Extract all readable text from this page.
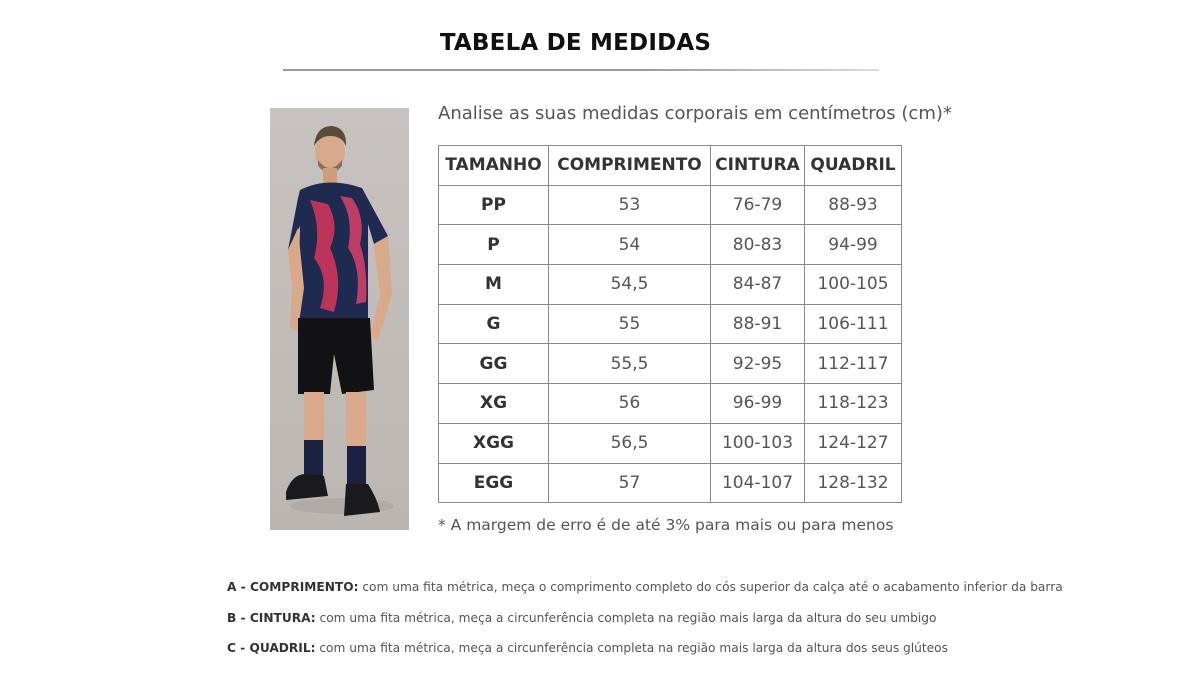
TABELA DE MEDIDAS
Analise as suas medidas corporais em centímetros (cm)*
TAMANHO	COMPRIMENTO	CINTURA	QUADRIL
PP	53	76-79	88-93
P	54	80-83	94-99
M	54,5	84-87	100-105
G	55	88-91	106-111
GG	55,5	92-95	112-117
XG	56	96-99	118-123
XGG	56,5	100-103	124-127
EGG	57	104-107	128-132
* A margem de erro é de até 3% para mais ou para menos
A - COMPRIMENTO: com uma fita métrica, meça o comprimento completo do cós superior da calça até o acabamento inferior da barra
B - CINTURA: com uma fita métrica, meça a circunferência completa na região mais larga da altura do seu umbigo
C - QUADRIL: com uma fita métrica, meça a circunferência completa na região mais larga da altura dos seus glúteos
